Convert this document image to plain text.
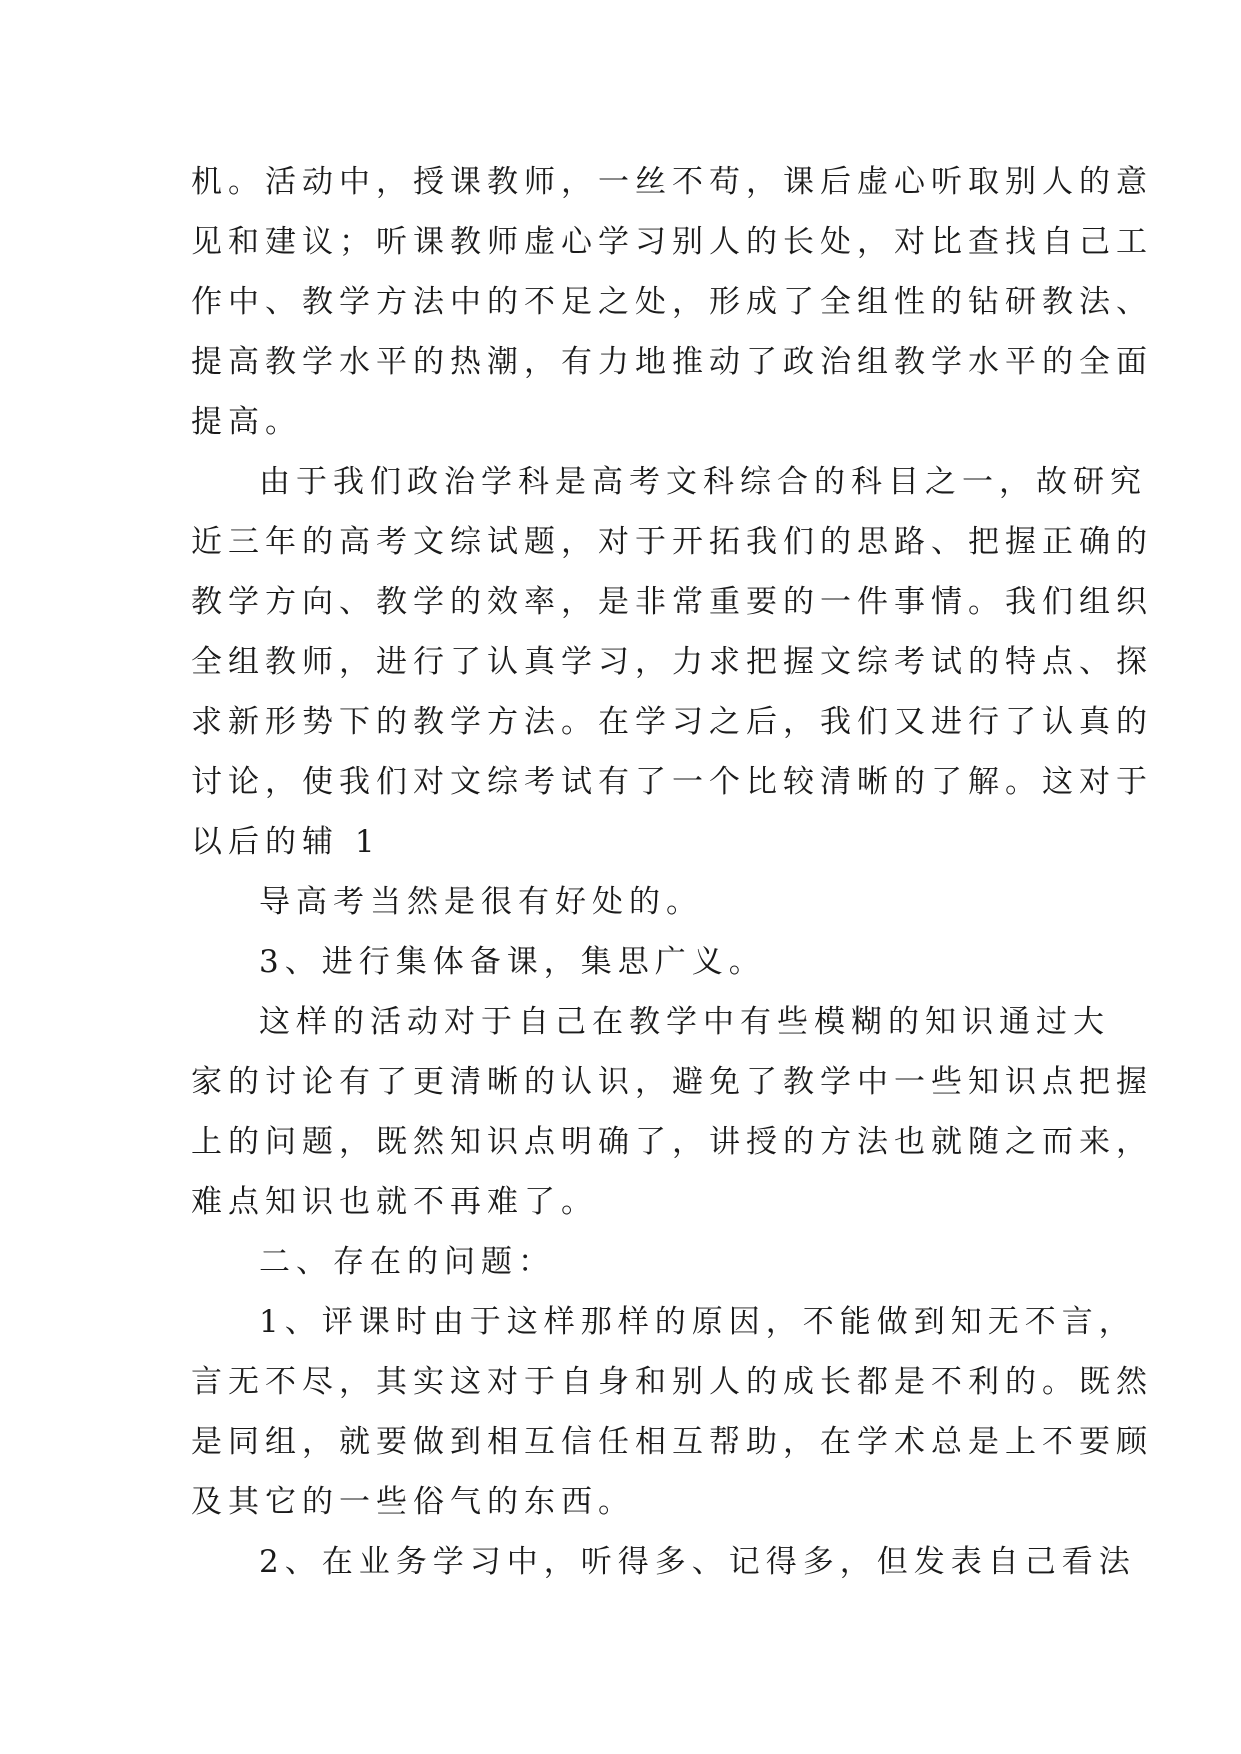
机。活动中，授课教师，一丝不苟，课后虚心听取别人的意
见和建议；听课教师虚心学习别人的长处，对比查找自己工
作中、教学方法中的不足之处，形成了全组性的钻研教法、
提高教学水平的热潮，有力地推动了政治组教学水平的全面
提高。
由于我们政治学科是高考文科综合的科目之一，故研究
近三年的高考文综试题，对于开拓我们的思路、把握正确的
教学方向、教学的效率，是非常重要的一件事情。我们组织
全组教师，进行了认真学习，力求把握文综考试的特点、探
求新形势下的教学方法。在学习之后，我们又进行了认真的
讨论，使我们对文综考试有了一个比较清晰的了解。这对于
以后的辅 1
导高考当然是很有好处的。
3、进行集体备课，集思广义。
这样的活动对于自己在教学中有些模糊的知识通过大
家的讨论有了更清晰的认识，避免了教学中一些知识点把握
上的问题，既然知识点明确了，讲授的方法也就随之而来，
难点知识也就不再难了。
二、存在的问题：
1、评课时由于这样那样的原因，不能做到知无不言，
言无不尽，其实这对于自身和别人的成长都是不利的。既然
是同组，就要做到相互信任相互帮助，在学术总是上不要顾
及其它的一些俗气的东西。
2、在业务学习中，听得多、记得多，但发表自己看法
